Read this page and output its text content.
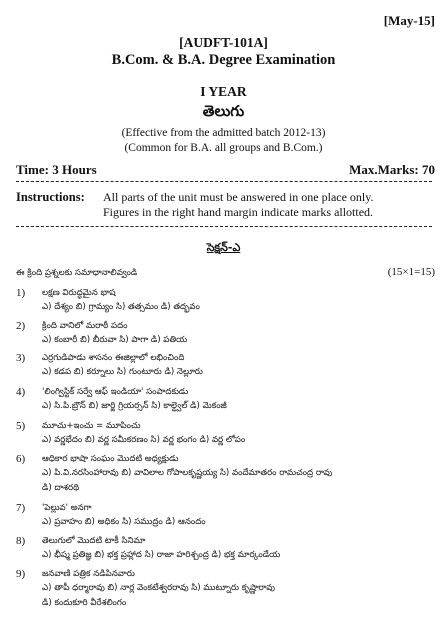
[May-15]
[AUDFT-101A]
B.Com. & B.A. Degree Examination
I YEAR
తెలుగు
(Effective from the admitted batch 2012-13)
(Common for B.A. all groups and B.Com.)
Time: 3 Hours	Max.Marks: 70
Instructions: All parts of the unit must be answered in one place only.
Figures in the right hand margin indicate marks allotted.
సెక్షన్-ఎ
ఈ క్రింది ప్రశ్నలకు సమాధానాలివ్వండి	(15×1=15)
1) లక్షణ విరుద్ధమైన భాష
ఎ) దేశ్యం బి) గ్రామ్యం సి) తత్సమం డి) తద్భవం
2) క్రింది వానిలో మరాఠీ పదం
ఎ) కంబారీ బి) బీరువా సి) పాగా డి) పతియ
3) ఎర్రగుడిపాడు శాసనం ఈజిల్లాలో లభించింది
ఎ) కడప బి) కర్నూలు సి) గుంటూరు డి) నెల్లూరు
4) 'లింగ్విస్టిక్ సర్వే ఆఫ్ ఇండియా' సంపాదకుడు
ఎ) సి.పి.బ్రౌన్ బి) జార్జి గ్రియర్సన్ సి) కాల్డ్వెల్ డి) మెకంజీ
5) మూచు+ఇంచు = మూపించు
ఎ) వర్ణభేదం బి) వర్ణ సమీకరణం సి) వర్ణ భంగం డి) వర్ణ లోపం
6) ఆధికార భాషా సంఘం మొదటి అధ్యక్షుడు
ఎ) పి.వి.నరసింహారావు బి) వావిలాల గోపాలకృష్ణయ్య సి) వందేమాతరం రామచంద్ర రావు
డి) దాశరథి
7) 'పెల్లువ' అనగా
ఎ) ప్రవాహం బి) అధికం సి) సముద్రం డి) ఆనందం
8) తెలుగులో మొదటి టాకీ సినిమా
ఎ) భీష్మ ప్రతిజ్ఞ బి) భక్త ప్రహ్లాద సి) రాజా హరిశ్చంద్ర డి) భక్త మార్కండేయ
9) జనవాణి పత్రిక నడిపినవారు
ఎ) తాపీ ధర్మారావు బి) నార్ల వెంకటేశ్వరరావు సి) ముట్నూరు కృష్ణారావు
డి) కందుకూరి వీరేశలింగం
